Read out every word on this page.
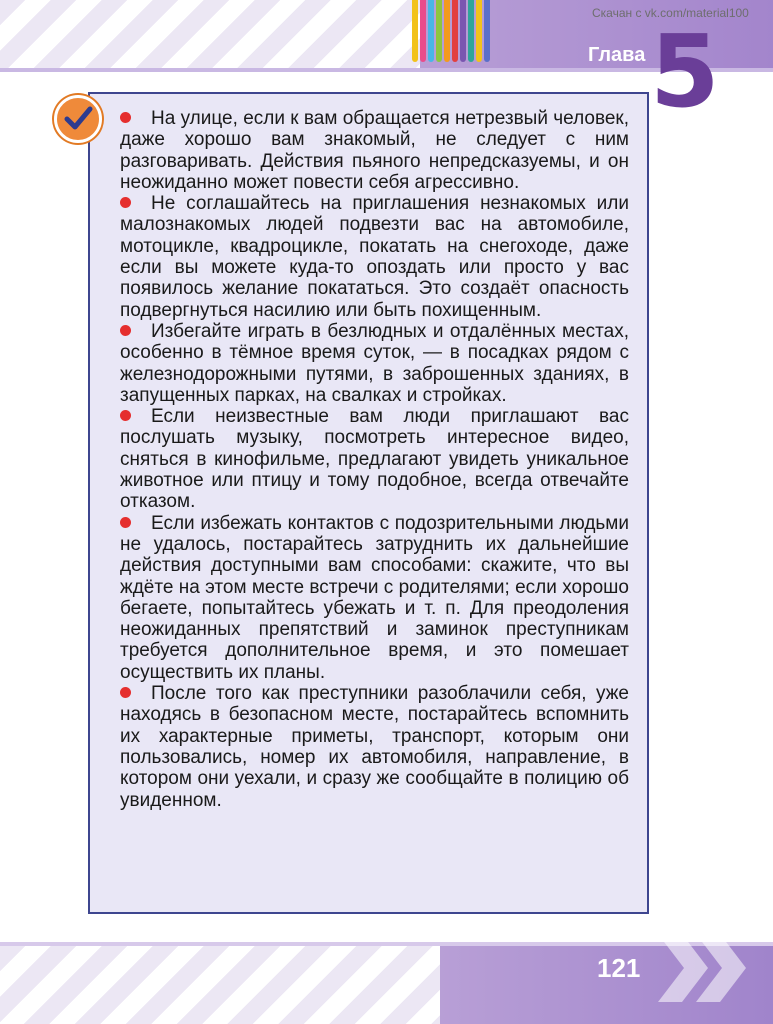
Скачан с vk.com/material100
Глава 5

На улице, если к вам обращается нетрезвый человек, даже хорошо вам знакомый, не следует с ним разговаривать. Действия пьяного непредсказуемы, и он неожиданно может повести себя агрессивно.

Не соглашайтесь на приглашения незнакомых или малознакомых людей подвезти вас на автомобиле, мотоцикле, квадроцикле, покатать на снегоходе, даже если вы можете куда-то опоздать или просто у вас появилось желание покататься. Это создаёт опасность подвергнуться насилию или быть похищенным.

Избегайте играть в безлюдных и отдалённых местах, особенно в тёмное время суток, — в посадках рядом с железнодорожными путями, в заброшенных зданиях, в запущенных парках, на свалках и стройках.

Если неизвестные вам люди приглашают вас послушать музыку, посмотреть интересное видео, сняться в кинофильме, предлагают увидеть уникальное животное или птицу и тому подобное, всегда отвечайте отказом.

Если избежать контактов с подозрительными людьми не удалось, постарайтесь затруднить их дальнейшие действия доступными вам способами: скажите, что вы ждёте на этом месте встречи с родителями; если хорошо бегаете, попытайтесь убежать и т. п. Для преодоления неожиданных препятствий и заминок преступникам требуется дополнительное время, и это помешает осуществить их планы.

После того как преступники разоблачили себя, уже находясь в безопасном месте, постарайтесь вспомнить их характерные приметы, транспорт, которым они пользовались, номер их автомобиля, направление, в котором они уехали, и сразу же сообщайте в полицию об увиденном.

121
